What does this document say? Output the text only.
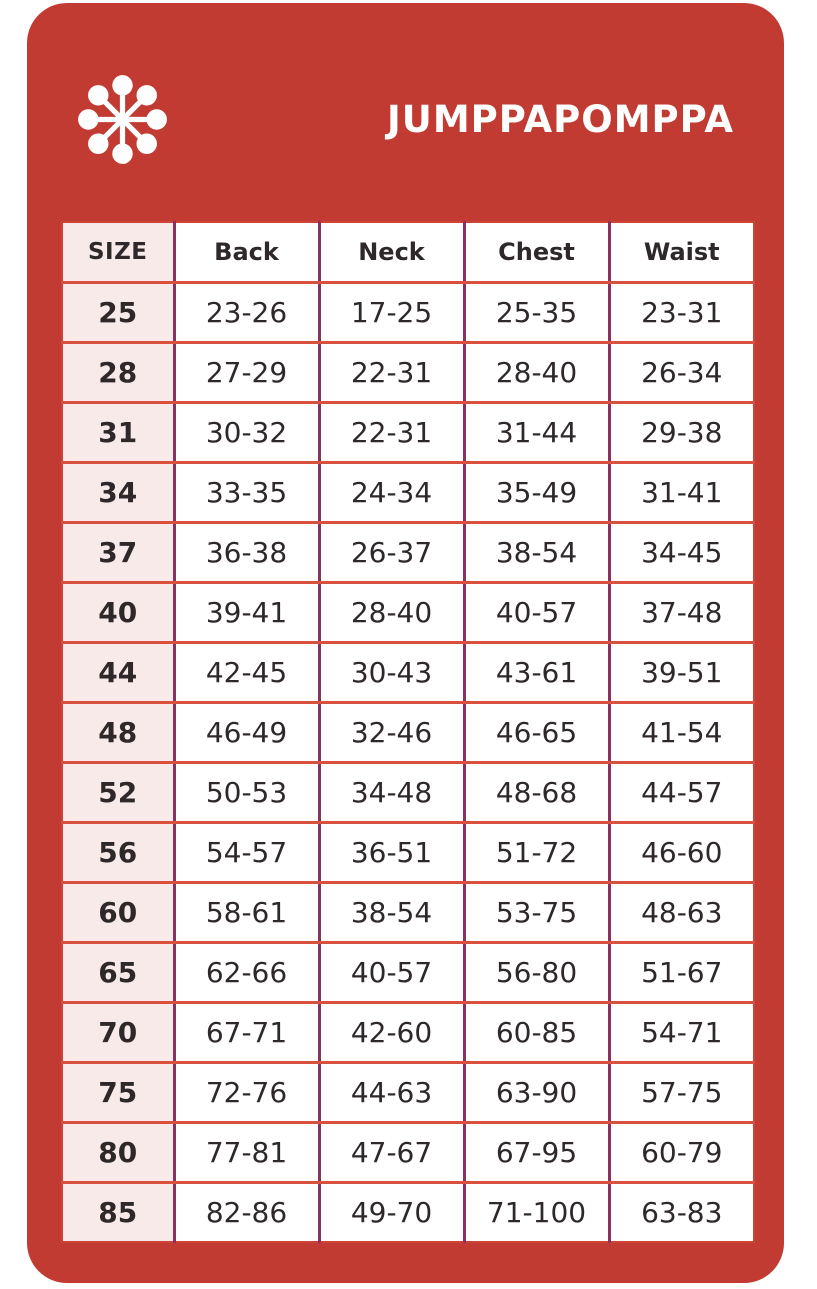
JUMPPAPOMPPA
SIZE	Back	Neck	Chest	Waist
25	23-26	17-25	25-35	23-31
28	27-29	22-31	28-40	26-34
31	30-32	22-31	31-44	29-38
34	33-35	24-34	35-49	31-41
37	36-38	26-37	38-54	34-45
40	39-41	28-40	40-57	37-48
44	42-45	30-43	43-61	39-51
48	46-49	32-46	46-65	41-54
52	50-53	34-48	48-68	44-57
56	54-57	36-51	51-72	46-60
60	58-61	38-54	53-75	48-63
65	62-66	40-57	56-80	51-67
70	67-71	42-60	60-85	54-71
75	72-76	44-63	63-90	57-75
80	77-81	47-67	67-95	60-79
85	82-86	49-70	71-100	63-83
